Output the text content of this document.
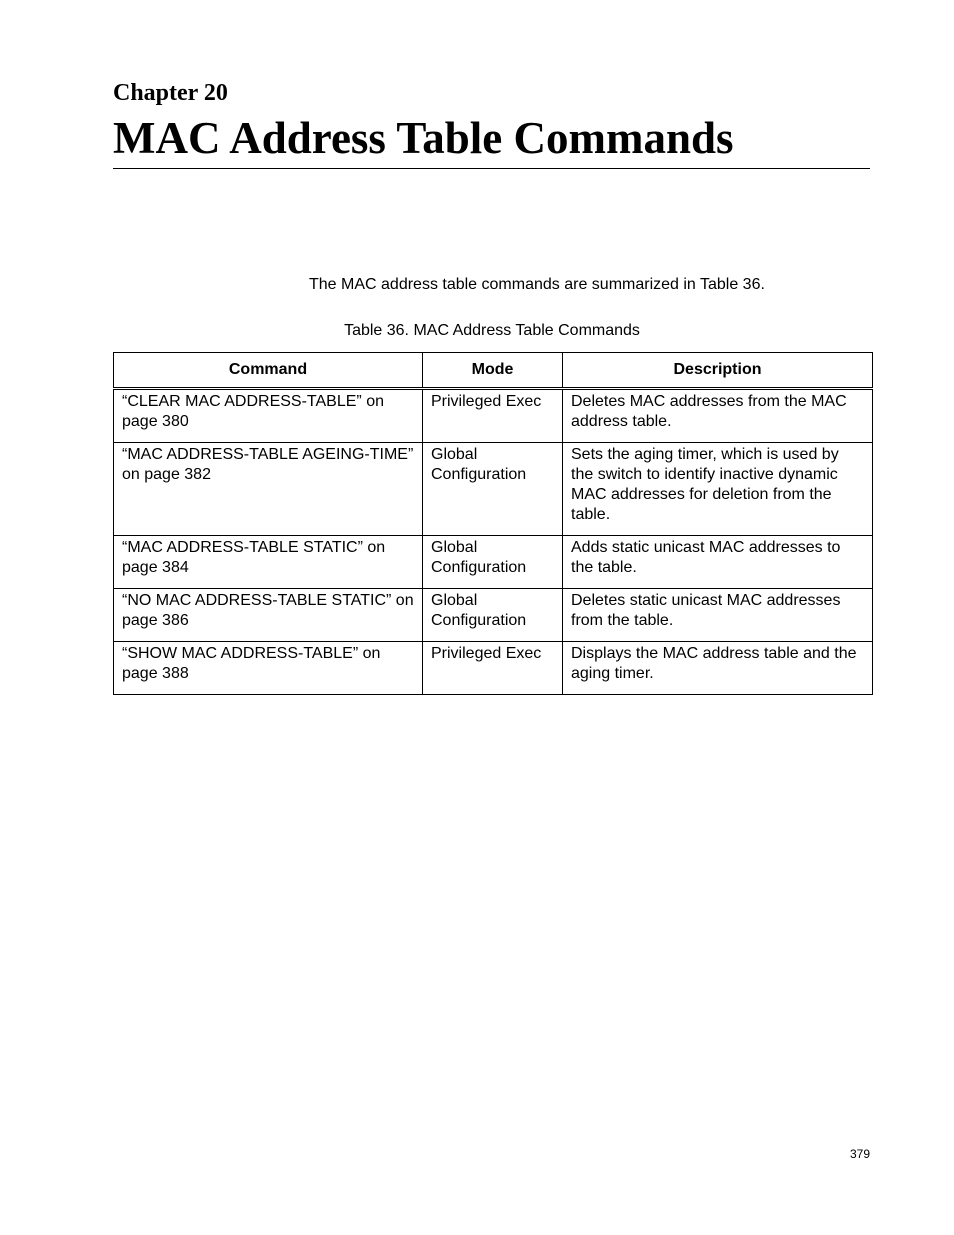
Chapter 20
MAC Address Table Commands

The MAC address table commands are summarized in Table 36.

Table 36. MAC Address Table Commands

Command	Mode	Description
“CLEAR MAC ADDRESS-TABLE” on page 380	Privileged Exec	Deletes MAC addresses from the MAC address table.
“MAC ADDRESS-TABLE AGEING-TIME” on page 382	Global Configuration	Sets the aging timer, which is used by the switch to identify inactive dynamic MAC addresses for deletion from the table.
“MAC ADDRESS-TABLE STATIC” on page 384	Global Configuration	Adds static unicast MAC addresses to the table.
“NO MAC ADDRESS-TABLE STATIC” on page 386	Global Configuration	Deletes static unicast MAC addresses from the table.
“SHOW MAC ADDRESS-TABLE” on page 388	Privileged Exec	Displays the MAC address table and the aging timer.

379
